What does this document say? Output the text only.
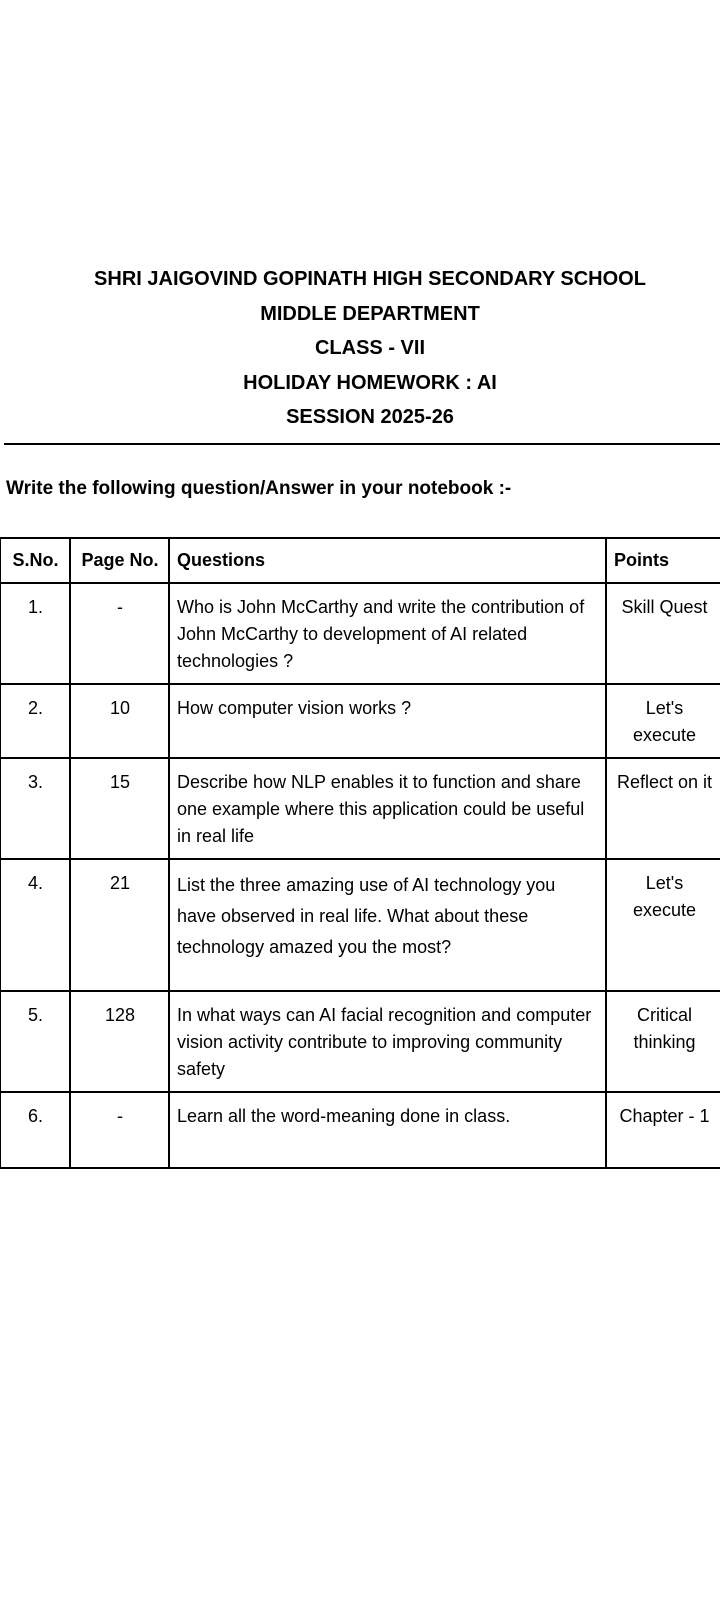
SHRI JAIGOVIND GOPINATH HIGH SECONDARY SCHOOL
MIDDLE DEPARTMENT
CLASS - VII
HOLIDAY HOMEWORK : AI
SESSION 2025-26
Write the following question/Answer in your notebook :-
S.No.	Page No.	Questions	Points
1.	-	Who is John McCarthy and write the contribution of John McCarthy to development of AI related technologies ?	Skill Quest
2.	10	How computer vision works ?	Let's execute
3.	15	Describe how NLP enables it to function and share one example where this application could be useful in real life	Reflect on it
4.	21	List the three amazing use of AI technology you have observed in real life. What about these technology amazed you the most?	Let's execute
5.	128	In what ways can AI facial recognition and computer vision activity contribute to improving community safety	Critical thinking
6.	-	Learn all the word-meaning done in class.	Chapter - 1
